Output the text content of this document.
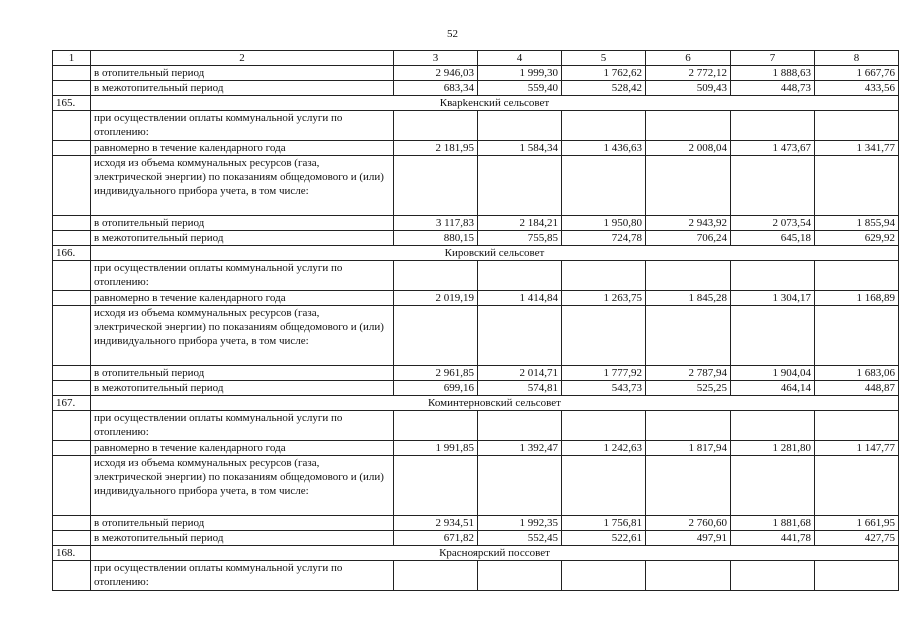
52
1	2	3	4	5	6	7	8
	в отопительный период	2 946,03	1 999,30	1 762,62	2 772,12	1 888,63	1 667,76
	в межотопительный период	683,34	559,40	528,42	509,43	448,73	433,56
165.	Кварkенский сельсовет						
	при осуществлении оплаты коммунальной услуги по отоплению:						
	равномерно в течение календарного года	2 181,95	1 584,34	1 436,63	2 008,04	1 473,67	1 341,77
	исходя из объема коммунальных ресурсов (газа, электрической энергии) по показаниям общедомового и (или) индивидуального прибора учета, в том числе:						
	в отопительный период	3 117,83	2 184,21	1 950,80	2 943,92	2 073,54	1 855,94
	в межотопительный период	880,15	755,85	724,78	706,24	645,18	629,92
166.	Кировский сельсовет						
	при осуществлении оплаты коммунальной услуги по отоплению:						
	равномерно в течение календарного года	2 019,19	1 414,84	1 263,75	1 845,28	1 304,17	1 168,89
	исходя из объема коммунальных ресурсов (газа, электрической энергии) по показаниям общедомового и (или) индивидуального прибора учета, в том числе:						
	в отопительный период	2 961,85	2 014,71	1 777,92	2 787,94	1 904,04	1 683,06
	в межотопительный период	699,16	574,81	543,73	525,25	464,14	448,87
167.	Коминтерновский сельсовет						
	при осуществлении оплаты коммунальной услуги по отоплению:						
	равномерно в течение календарного года	1 991,85	1 392,47	1 242,63	1 817,94	1 281,80	1 147,77
	исходя из объема коммунальных ресурсов (газа, электрической энергии) по показаниям общедомового и (или) индивидуального прибора учета, в том числе:						
	в отопительный период	2 934,51	1 992,35	1 756,81	2 760,60	1 881,68	1 661,95
	в межотопительный период	671,82	552,45	522,61	497,91	441,78	427,75
168.	Красноярский поссовет						
	при осуществлении оплаты коммунальной услуги по отоплению:						
